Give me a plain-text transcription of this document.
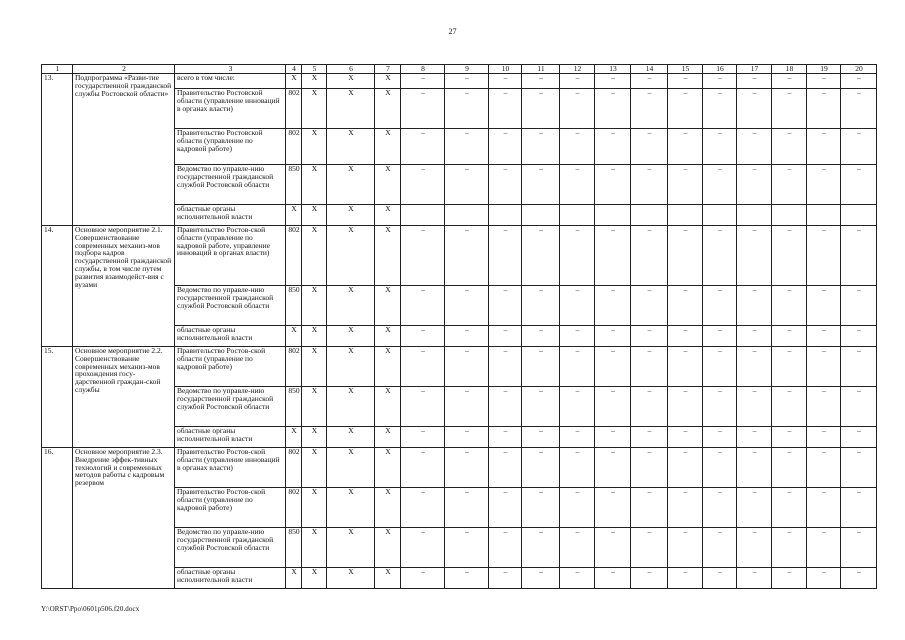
27
1	2	3	4	5	6	7	8	9	10	11	12	13	14	15	16	17	18	19	20
13.	Подпрограмма «Разви-тие государственной гражданской службы Ростовской области»	всего в том числе:	Х	Х	Х	Х	–	–	–	–	–	–	–	–	–	–	–	–	–
		Правительство Ростовской области (управление инноваций в органах власти)	802	Х	Х	Х	–	–	–	–	–	–	–	–	–	–	–	–	–
		Правительство Ростовской области (управление по кадровой работе)	802	Х	Х	Х	–	–	–	–	–	–	–	–	–	–	–	–	–
		Ведомство по управле-нию государственной гражданской службой Ростовской области	850	Х	Х	Х	–	–	–	–	–	–	–	–	–	–	–	–	–
		областные органы исполнительной власти	Х	Х	Х	Х													
14.	Основное мероприятие 2.1. Совершенствование современных механиз-мов подбора кадров государственной гражданской службы, в том числе путем развития взаимодейст-вия с вузами	Правительство Ростов-ской области (управление по кадровой работе, управление инноваций в органах власти)	802	Х	Х	Х	–	–	–	–	–	–	–	–	–	–	–	–	–
		Ведомство по управле-нию государственной гражданской службой Ростовской области	850	Х	Х	Х	–	–	–	–	–	–	–	–	–	–	–	–	–
		областные органы исполнительной власти	Х	Х	Х	Х	–	–	–	–	–	–	–	–	–	–	–	–	–
15.	Основное мероприятие 2.2. Совершенствование современных механиз-мов прохождения госу-дарственной граждан-ской службы	Правительство Ростов-ской области (управление по кадровой работе)	802	Х	Х	Х	–	–	–	–	–	–	–	–	–	–	–	–	–
		Ведомство по управле-нию государственной гражданской службой Ростовской области	850	Х	Х	Х	–	–	–	–	–	–	–	–	–	–	–	–	–
		областные органы исполнительной власти	Х	Х	Х	Х	–	–	–	–	–	–	–	–	–	–	–	–	–
16.	Основное мероприятие 2.3. Внедрение эффек-тивных технологий и современных методов работы с кадровым резервом	Правительство Ростов-ской области (управление инноваций в органах власти)	802	Х	Х	Х	–	–	–	–	–	–	–	–	–	–	–	–	–
		Правительство Ростов-ской области (управление по кадровой работе)	802	Х	Х	Х	–	–	–	–	–	–	–	–	–	–	–	–	–
		Ведомство по управле-нию государственной гражданской службой Ростовской области	850	Х	Х	Х	–	–	–	–	–	–	–	–	–	–	–	–	–
		областные органы исполнительной власти	Х	Х	Х	Х	–	–	–	–	–	–	–	–	–	–	–	–	–
Y:\ORST\Ppo\0601p506.f20.docx
